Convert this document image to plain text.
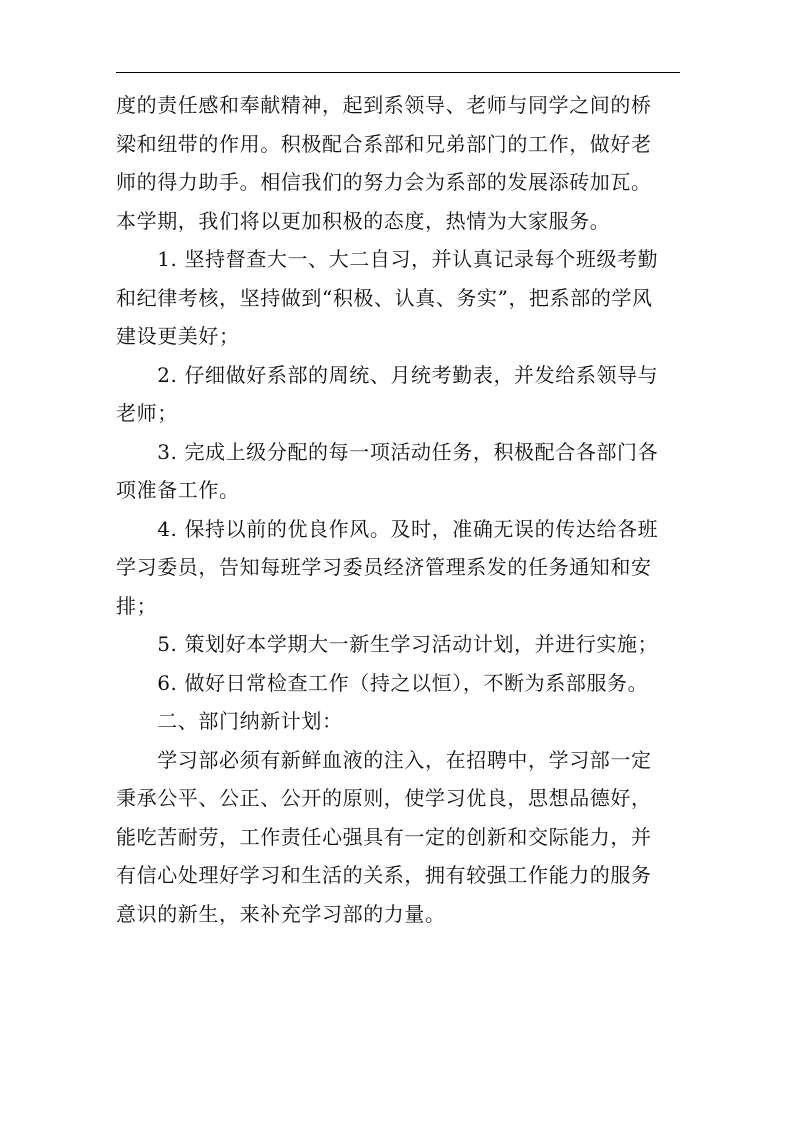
度的责任感和奉献精神，起到系领导、老师与同学之间的桥
梁和纽带的作用。积极配合系部和兄弟部门的工作，做好老
师的得力助手。相信我们的努力会为系部的发展添砖加瓦。
本学期，我们将以更加积极的态度，热情为大家服务。

　　1. 坚持督查大一、大二自习，并认真记录每个班级考勤
和纪律考核，坚持做到“积极、认真、务实”，把系部的学风
建设更美好；

　　2. 仔细做好系部的周统、月统考勤表，并发给系领导与
老师；

　　3. 完成上级分配的每一项活动任务，积极配合各部门各
项准备工作。

　　4. 保持以前的优良作风。及时，准确无误的传达给各班
学习委员，告知每班学习委员经济管理系发的任务通知和安
排；

　　5. 策划好本学期大一新生学习活动计划，并进行实施；

　　6. 做好日常检查工作（持之以恒），不断为系部服务。

　　二、部门纳新计划：

　　学习部必须有新鲜血液的注入，在招聘中，学习部一定
秉承公平、公正、公开的原则，使学习优良，思想品德好，
能吃苦耐劳，工作责任心强具有一定的创新和交际能力，并
有信心处理好学习和生活的关系，拥有较强工作能力的服务
意识的新生，来补充学习部的力量。
